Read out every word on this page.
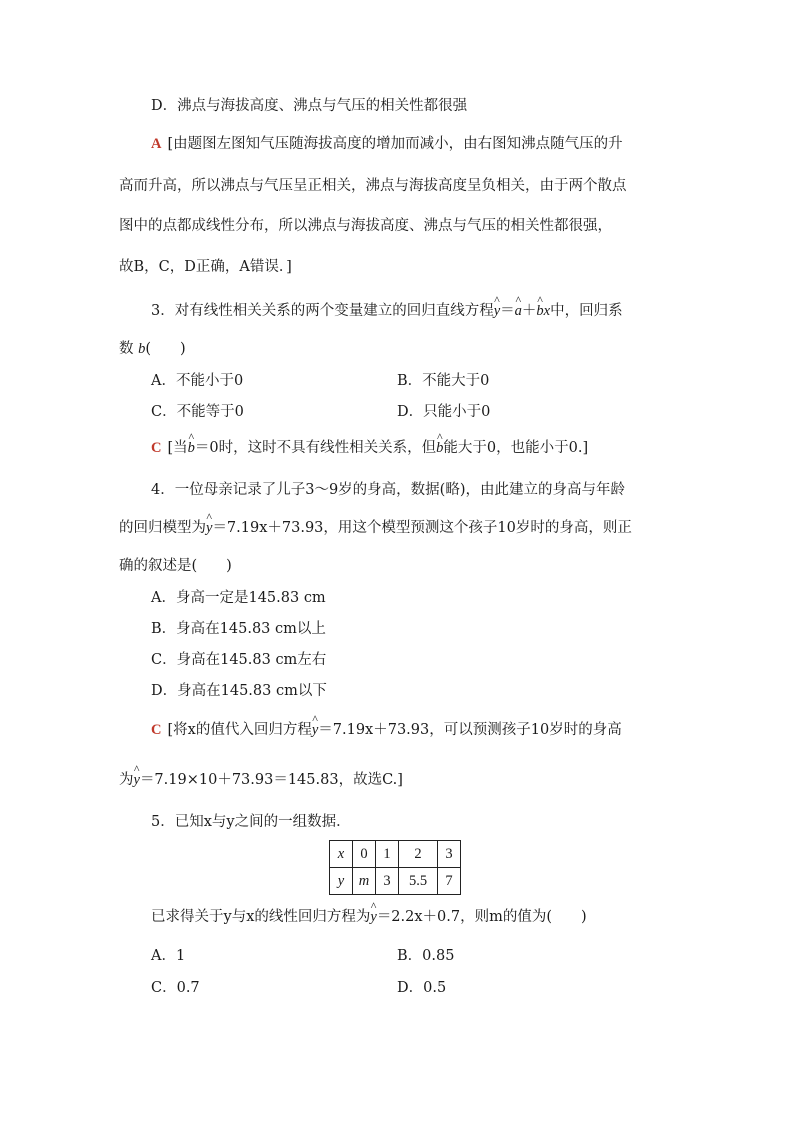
D．沸点与海拔高度、沸点与气压的相关性都很强
A [由题图左图知气压随海拔高度的增加而减小，由右图知沸点随气压的升
高而升高，所以沸点与气压呈正相关，沸点与海拔高度呈负相关，由于两个散点
图中的点都成线性分布，所以沸点与海拔高度、沸点与气压的相关性都很强，
故B，C，D正确，A错误．]
3．对有线性相关关系的两个变量建立的回归直线方程^ y＝^ a＋^ bx中，回归系
数 b(　　)
A．不能小于0	B．不能大于0
C．不能等于0	D．只能小于0
C [当^ b＝0时，这时不具有线性相关关系，但^ b能大于0，也能小于0.]
4．一位母亲记录了儿子3～9岁的身高，数据(略)，由此建立的身高与年龄
的回归模型为^ y＝7.19x＋73.93，用这个模型预测这个孩子10岁时的身高，则正
确的叙述是(　　)
A．身高一定是145.83 cm
B．身高在145.83 cm以上
C．身高在145.83 cm左右
D．身高在145.83 cm以下
C [将x的值代入回归方程^ y＝7.19x＋73.93，可以预测孩子10岁时的身高
为^ y＝7.19×10＋73.93＝145.83，故选C.]
5．已知x与y之间的一组数据．
x	0	1	2	3
y	m	3	5.5	7
已求得关于y与x的线性回归方程为^ y＝2.2x＋0.7，则m的值为(　　)
A．1	B．0.85
C．0.7	D．0.5
